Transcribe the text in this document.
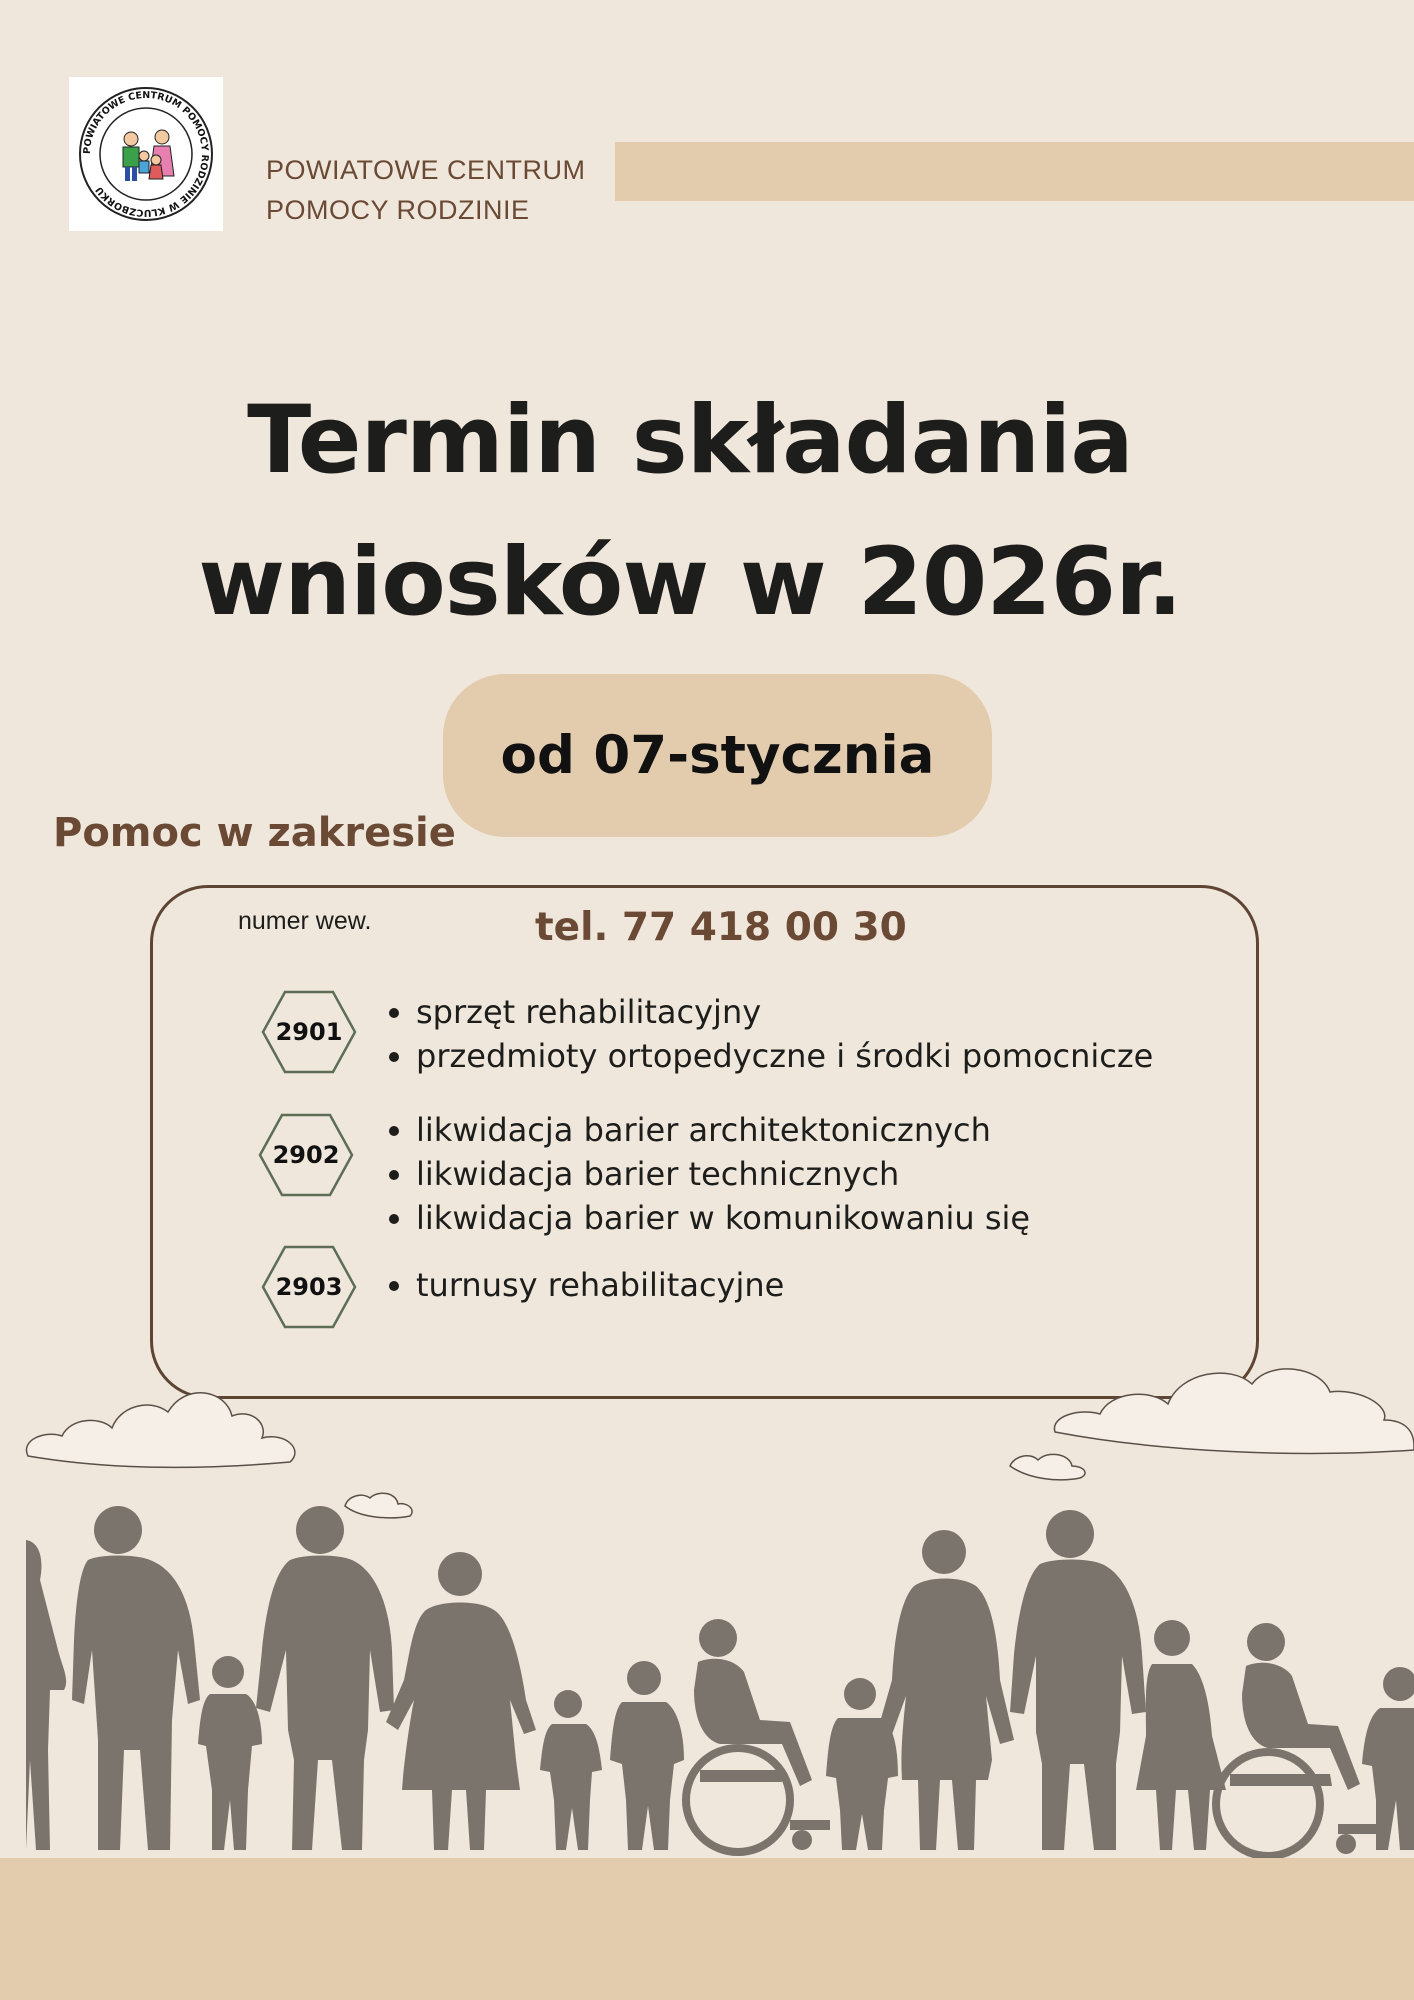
POWIATOWE CENTRUM POMOCY RODZINIE W KLUCZBORKU
POWIATOWE CENTRUM
POMOCY RODZINIE
Termin składania
wniosków w 2026r.
od 07-stycznia
Pomoc w zakresie
numer wew.	tel. 77 418 00 30
2901
• sprzęt rehabilitacyjny
• przedmioty ortopedyczne i środki pomocnicze
2902
• likwidacja barier architektonicznych
• likwidacja barier technicznych
• likwidacja barier w komunikowaniu się
2903
•	turnusy rehabilitacyjne
